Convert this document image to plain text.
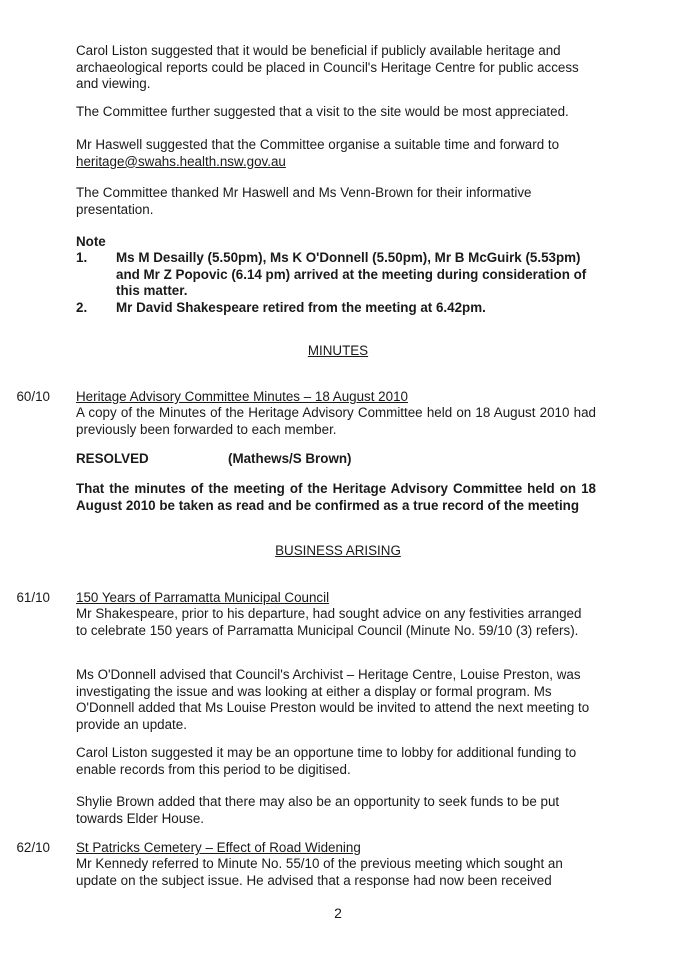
Carol Liston suggested that it would be beneficial if publicly available heritage and archaeological reports could be placed in Council's Heritage Centre for public access and viewing.

The Committee further suggested that a visit to the site would be most appreciated.

Mr Haswell suggested that the Committee organise a suitable time and forward to
heritage@swahs.health.nsw.gov.au

The Committee thanked Mr Haswell and Ms Venn-Brown for their informative presentation.

Note
1.	Ms M Desailly (5.50pm), Ms K O'Donnell (5.50pm), Mr B McGuirk (5.53pm) and Mr Z Popovic (6.14 pm) arrived at the meeting during consideration of this matter.
2.	Mr David Shakespeare retired from the meeting at 6.42pm.
MINUTES
60/10 Heritage Advisory Committee Minutes – 18 August 2010

A copy of the Minutes of the Heritage Advisory Committee held on 18 August 2010 had previously been forwarded to each member.

RESOLVED	(Mathews/S Brown)

That the minutes of the meeting of the Heritage Advisory Committee held on 18 August 2010 be taken as read and be confirmed as a true record of the meeting

BUSINESS ARISING
61/10 150 Years of Parramatta Municipal Council

Mr Shakespeare, prior to his departure, had sought advice on any festivities arranged to celebrate 150 years of Parramatta Municipal Council (Minute No. 59/10 (3) refers).

Ms O'Donnell advised that Council's Archivist – Heritage Centre, Louise Preston, was investigating the issue and was looking at either a display or formal program. Ms O'Donnell added that Ms Louise Preston would be invited to attend the next meeting to provide an update.

Carol Liston suggested it may be an opportune time to lobby for additional funding to enable records from this period to be digitised.

Shylie Brown added that there may also be an opportunity to seek funds to be put towards Elder House.

62/10 St Patricks Cemetery – Effect of Road Widening

Mr Kennedy referred to Minute No. 55/10 of the previous meeting which sought an update on the subject issue. He advised that a response had now been received

2
